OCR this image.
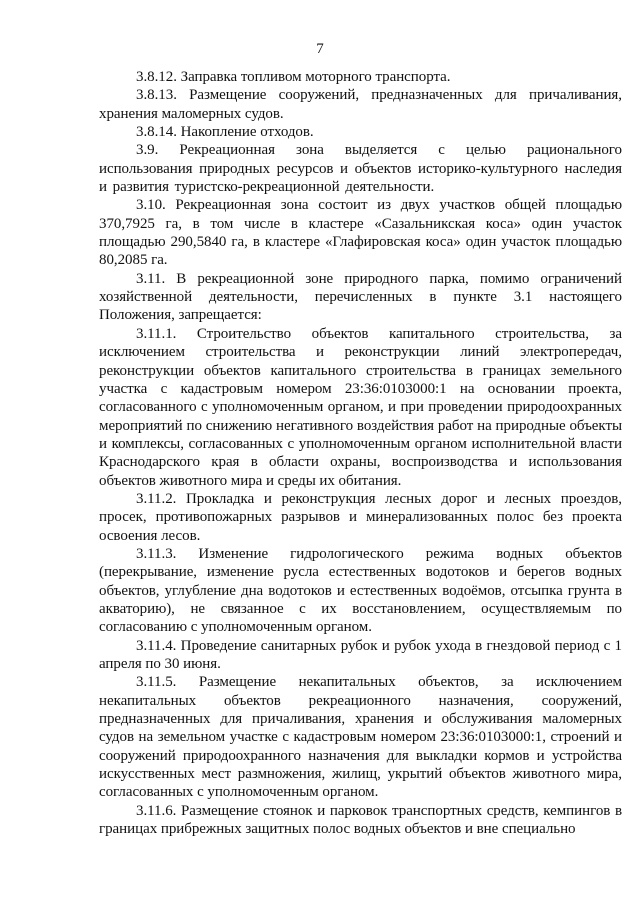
7

3.8.12. Заправка топливом моторного транспорта.

3.8.13. Размещение сооружений, предназначенных для причаливания, хранения маломерных судов.

3.8.14. Накопление отходов.

3.9. Рекреационная зона выделяется с целью рационального использования природных ресурсов и объектов историко-культурного наследия и развития туристско-рекреационной деятельности.

3.10. Рекреационная зона состоит из двух участков общей площадью 370,7925 га, в том числе в кластере «Сазальникская коса» один участок площадью 290,5840 га, в кластере «Глафировская коса» один участок площадью 80,2085 га.

3.11. В рекреационной зоне природного парка, помимо ограничений хозяйственной деятельности, перечисленных в пункте 3.1 настоящего Положения, запрещается:

3.11.1. Строительство объектов капитального строительства, за исключением строительства и реконструкции линий электропередач, реконструкции объектов капитального строительства в границах земельного участка с кадастровым номером 23:36:0103000:1 на основании проекта, согласованного с уполномоченным органом, и при проведении природоохранных мероприятий по снижению негативного воздействия работ на природные объекты и комплексы, согласованных с уполномоченным органом исполнительной власти Краснодарского края в области охраны, воспроизводства и использования объектов животного мира и среды их обитания.

3.11.2. Прокладка и реконструкция лесных дорог и лесных проездов, просек, противопожарных разрывов и минерализованных полос без проекта освоения лесов.

3.11.3. Изменение гидрологического режима водных объектов (перекрывание, изменение русла естественных водотоков и берегов водных объектов, углубление дна водотоков и естественных водоёмов, отсыпка грунта в акваторию), не связанное с их восстановлением, осуществляемым по согласованию с уполномоченным органом.

3.11.4. Проведение санитарных рубок и рубок ухода в гнездовой период с 1 апреля по 30 июня.

3.11.5. Размещение некапитальных объектов, за исключением некапитальных объектов рекреационного назначения, сооружений, предназначенных для причаливания, хранения и обслуживания маломерных судов на земельном участке с кадастровым номером 23:36:0103000:1, строений и сооружений природоохранного назначения для выкладки кормов и устройства искусственных мест размножения, жилищ, укрытий объектов животного мира, согласованных с уполномоченным органом.

3.11.6. Размещение стоянок и парковок транспортных средств, кемпингов в границах прибрежных защитных полос водных объектов и вне специально
